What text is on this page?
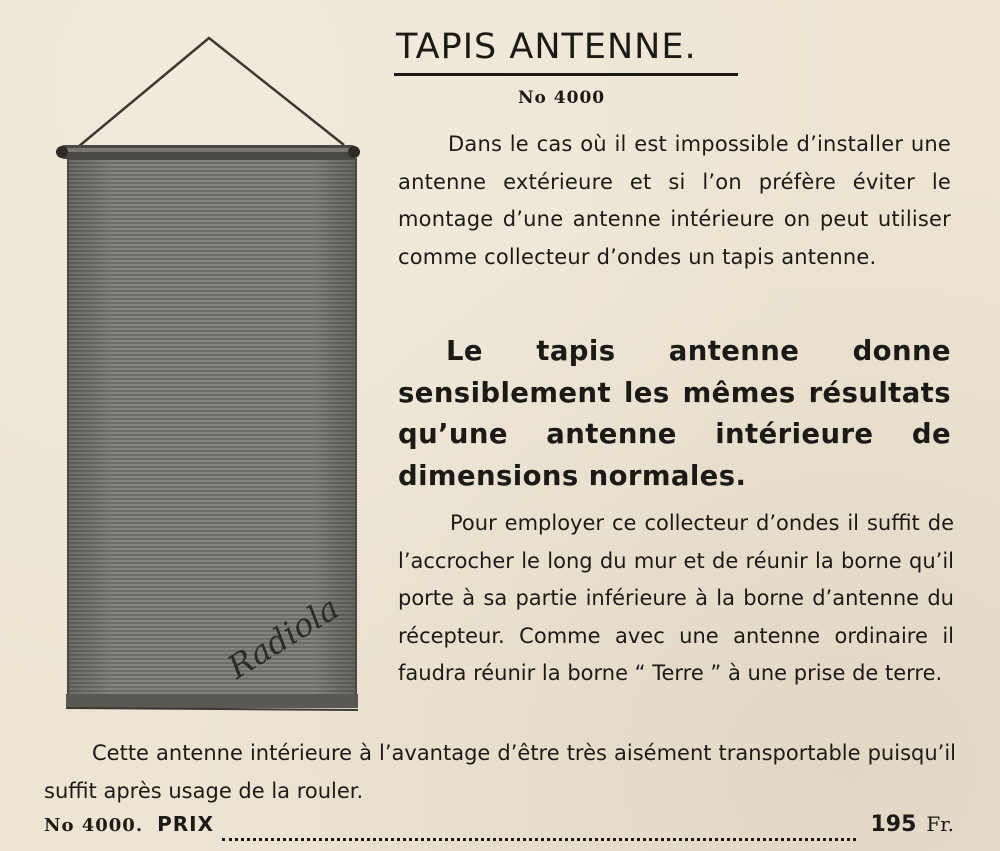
Radiola
TAPIS ANTENNE.
No 4000

Dans le cas où il est impossible d’installer une antenne extérieure et si l’on préfère éviter le montage d’une antenne intérieure on peut utiliser comme collecteur d’ondes un tapis antenne.

Le tapis antenne donne sensiblement les mêmes résultats qu’une antenne intérieure de dimensions normales.

Pour employer ce collecteur d’ondes il suffit de l’accrocher le long du mur et de réunir la borne qu’il porte à sa partie inférieure à la borne d’antenne du récepteur. Comme avec une antenne ordinaire il faudra réunir la borne “ Terre ” à une prise de terre.

Cette antenne intérieure à l’avantage d’être très aisément transportable puisqu’il suffit après usage de la rouler.

No 4000. PRIX	195 Fr.
